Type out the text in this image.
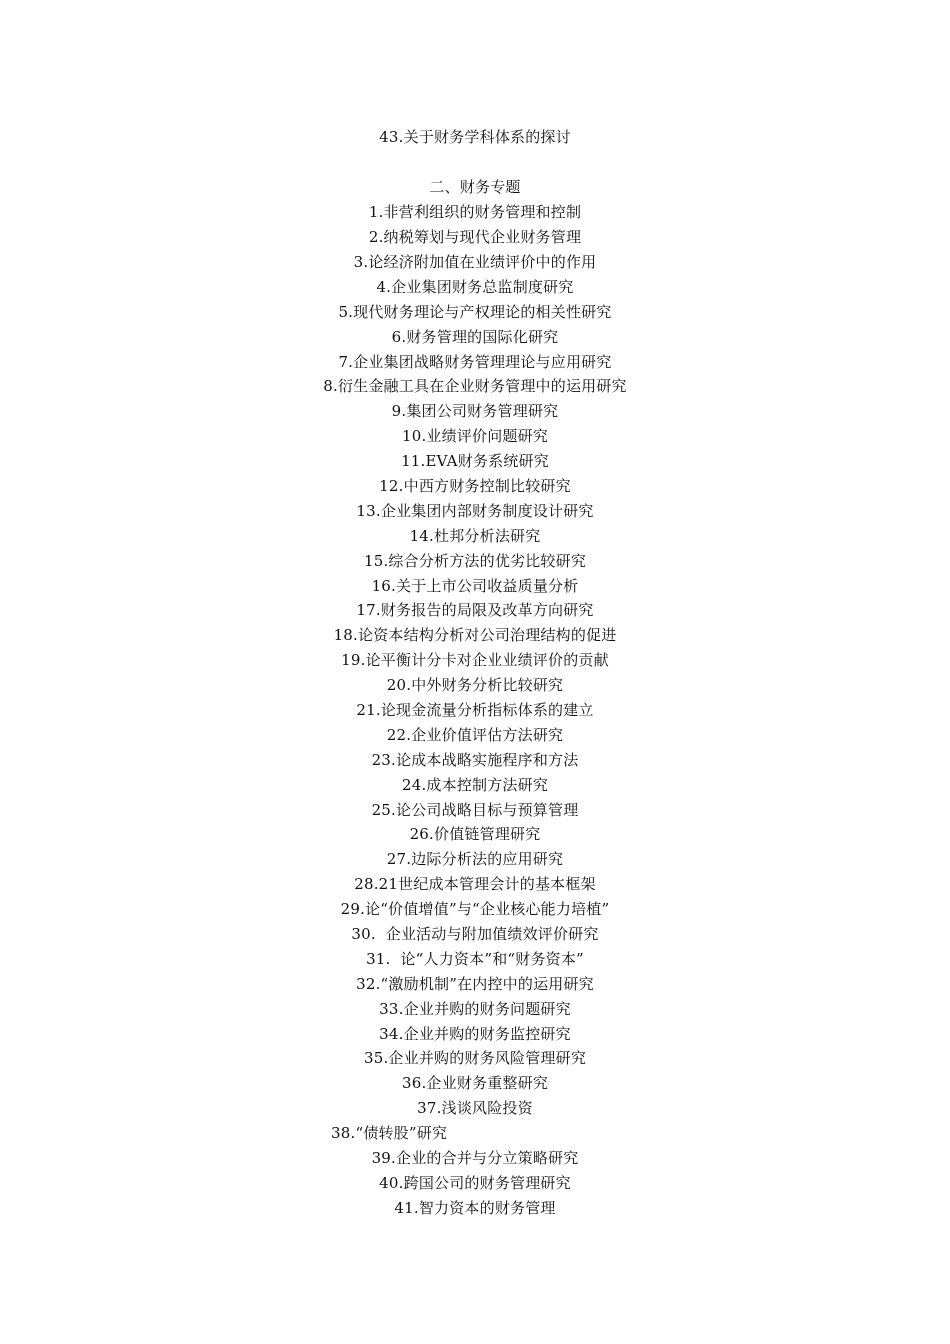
43.关于财务学科体系的探讨
二、财务专题
1.非营利组织的财务管理和控制
2.纳税筹划与现代企业财务管理
3.论经济附加值在业绩评价中的作用
4.企业集团财务总监制度研究
5.现代财务理论与产权理论的相关性研究
6.财务管理的国际化研究
7.企业集团战略财务管理理论与应用研究
8.衍生金融工具在企业财务管理中的运用研究
9.集团公司财务管理研究
10.业绩评价问题研究
11.EVA财务系统研究
12.中西方财务控制比较研究
13.企业集团内部财务制度设计研究
14.杜邦分析法研究
15.综合分析方法的优劣比较研究
16.关于上市公司收益质量分析
17.财务报告的局限及改革方向研究
18.论资本结构分析对公司治理结构的促进
19.论平衡计分卡对企业业绩评价的贡献
20.中外财务分析比较研究
21.论现金流量分析指标体系的建立
22.企业价值评估方法研究
23.论成本战略实施程序和方法
24.成本控制方法研究
25.论公司战略目标与预算管理
26.价值链管理研究
27.边际分析法的应用研究
28.21世纪成本管理会计的基本框架
29.论“价值增值”与“企业核心能力培植”
30.  企业活动与附加值绩效评价研究
31.  论“人力资本”和“财务资本”
32.“激励机制”在内控中的运用研究
33.企业并购的财务问题研究
34.企业并购的财务监控研究
35.企业并购的财务风险管理研究
36.企业财务重整研究
37.浅谈风险投资
38.“债转股”研究
39.企业的合并与分立策略研究
40.跨国公司的财务管理研究
41.智力资本的财务管理
